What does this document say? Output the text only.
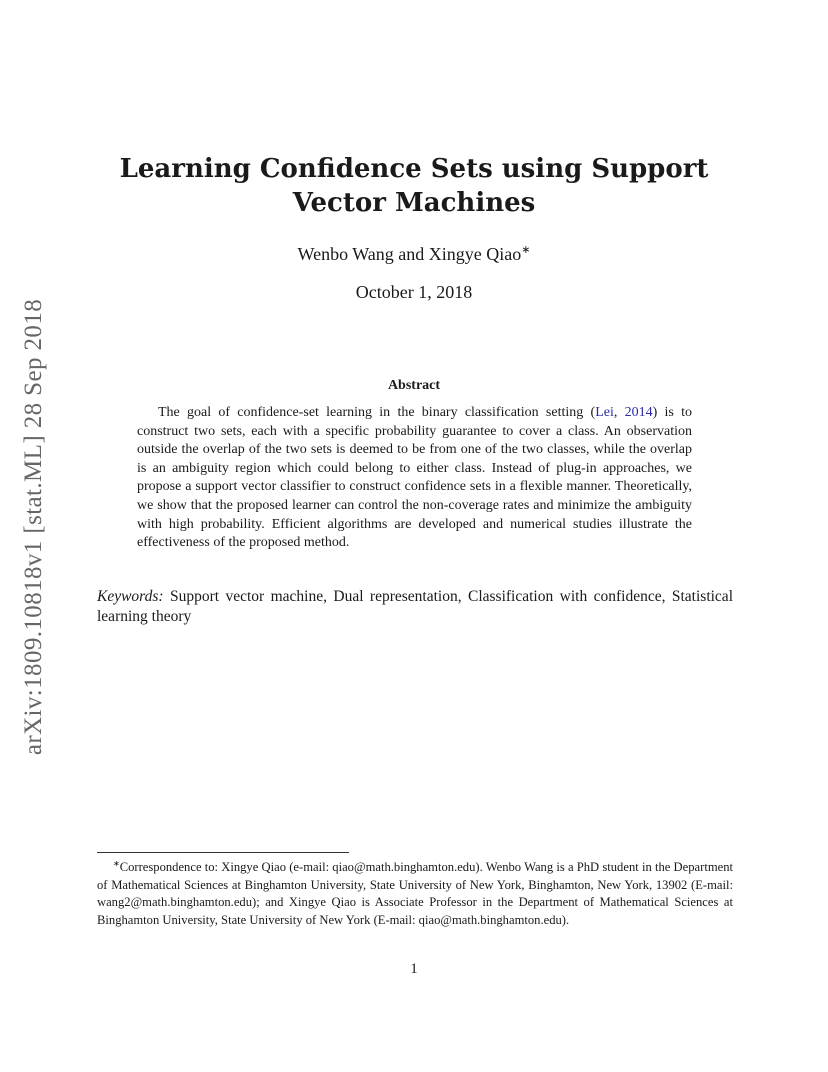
arXiv:1809.10818v1 [stat.ML] 28 Sep 2018
Learning Confidence Sets using Support
Vector Machines
Wenbo Wang and Xingye Qiao∗
October 1, 2018
Abstract
The goal of confidence-set learning in the binary classification setting (Lei, 2014) is to construct two sets, each with a specific probability guarantee to cover a class. An observation outside the overlap of the two sets is deemed to be from one of the two classes, while the overlap is an ambiguity region which could belong to either class. Instead of plug-in approaches, we propose a support vector classifier to construct confidence sets in a flexible manner. Theoretically, we show that the proposed learner can control the non-coverage rates and minimize the ambiguity with high probability. Efficient algorithms are developed and numerical studies illustrate the effectiveness of the proposed method.
Keywords: Support vector machine, Dual representation, Classification with confidence, Statistical learning theory
∗Correspondence to: Xingye Qiao (e-mail: qiao@math.binghamton.edu). Wenbo Wang is a PhD student in the Department of Mathematical Sciences at Binghamton University, State University of New York, Binghamton, New York, 13902 (E-mail: wang2@math.binghamton.edu); and Xingye Qiao is Associate Professor in the Department of Mathematical Sciences at Binghamton University, State University of New York (E-mail: qiao@math.binghamton.edu).
1
